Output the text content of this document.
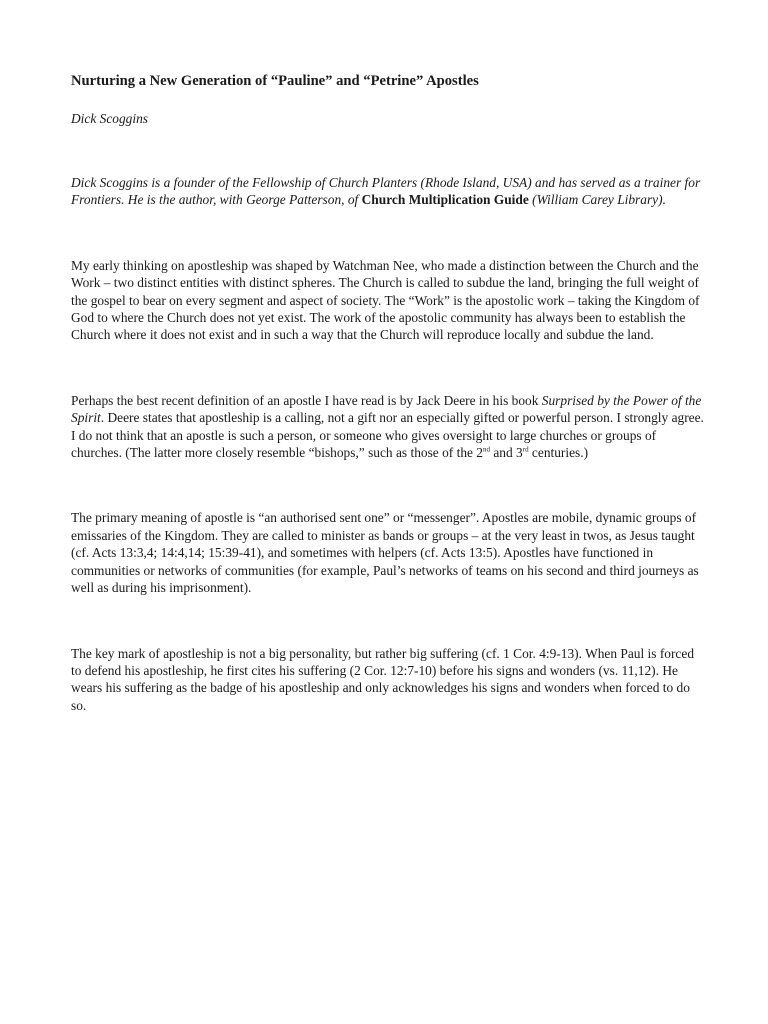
Nurturing a New Generation of “Pauline” and “Petrine” Apostles

Dick Scoggins

Dick Scoggins is a founder of the Fellowship of Church Planters (Rhode Island, USA) and has served as a trainer for Frontiers. He is the author, with George Patterson, of Church Multiplication Guide (William Carey Library).

My early thinking on apostleship was shaped by Watchman Nee, who made a distinction between the Church and the Work – two distinct entities with distinct spheres. The Church is called to subdue the land, bringing the full weight of the gospel to bear on every segment and aspect of society. The “Work” is the apostolic work – taking the Kingdom of God to where the Church does not yet exist. The work of the apostolic community has always been to establish the Church where it does not exist and in such a way that the Church will reproduce locally and subdue the land.

Perhaps the best recent definition of an apostle I have read is by Jack Deere in his book Surprised by the Power of the Spirit. Deere states that apostleship is a calling, not a gift nor an especially gifted or powerful person. I strongly agree. I do not think that an apostle is such a person, or someone who gives oversight to large churches or groups of churches. (The latter more closely resemble “bishops,” such as those of the 2nd and 3rd centuries.)

The primary meaning of apostle is “an authorised sent one” or “messenger”. Apostles are mobile, dynamic groups of emissaries of the Kingdom. They are called to minister as bands or groups – at the very least in twos, as Jesus taught (cf. Acts 13:3,4; 14:4,14; 15:39-41), and sometimes with helpers (cf. Acts 13:5). Apostles have functioned in communities or networks of communities (for example, Paul’s networks of teams on his second and third journeys as well as during his imprisonment).

The key mark of apostleship is not a big personality, but rather big suffering (cf. 1 Cor. 4:9-13). When Paul is forced to defend his apostleship, he first cites his suffering (2 Cor. 12:7-10) before his signs and wonders (vs. 11,12). He wears his suffering as the badge of his apostleship and only acknowledges his signs and wonders when forced to do so.
